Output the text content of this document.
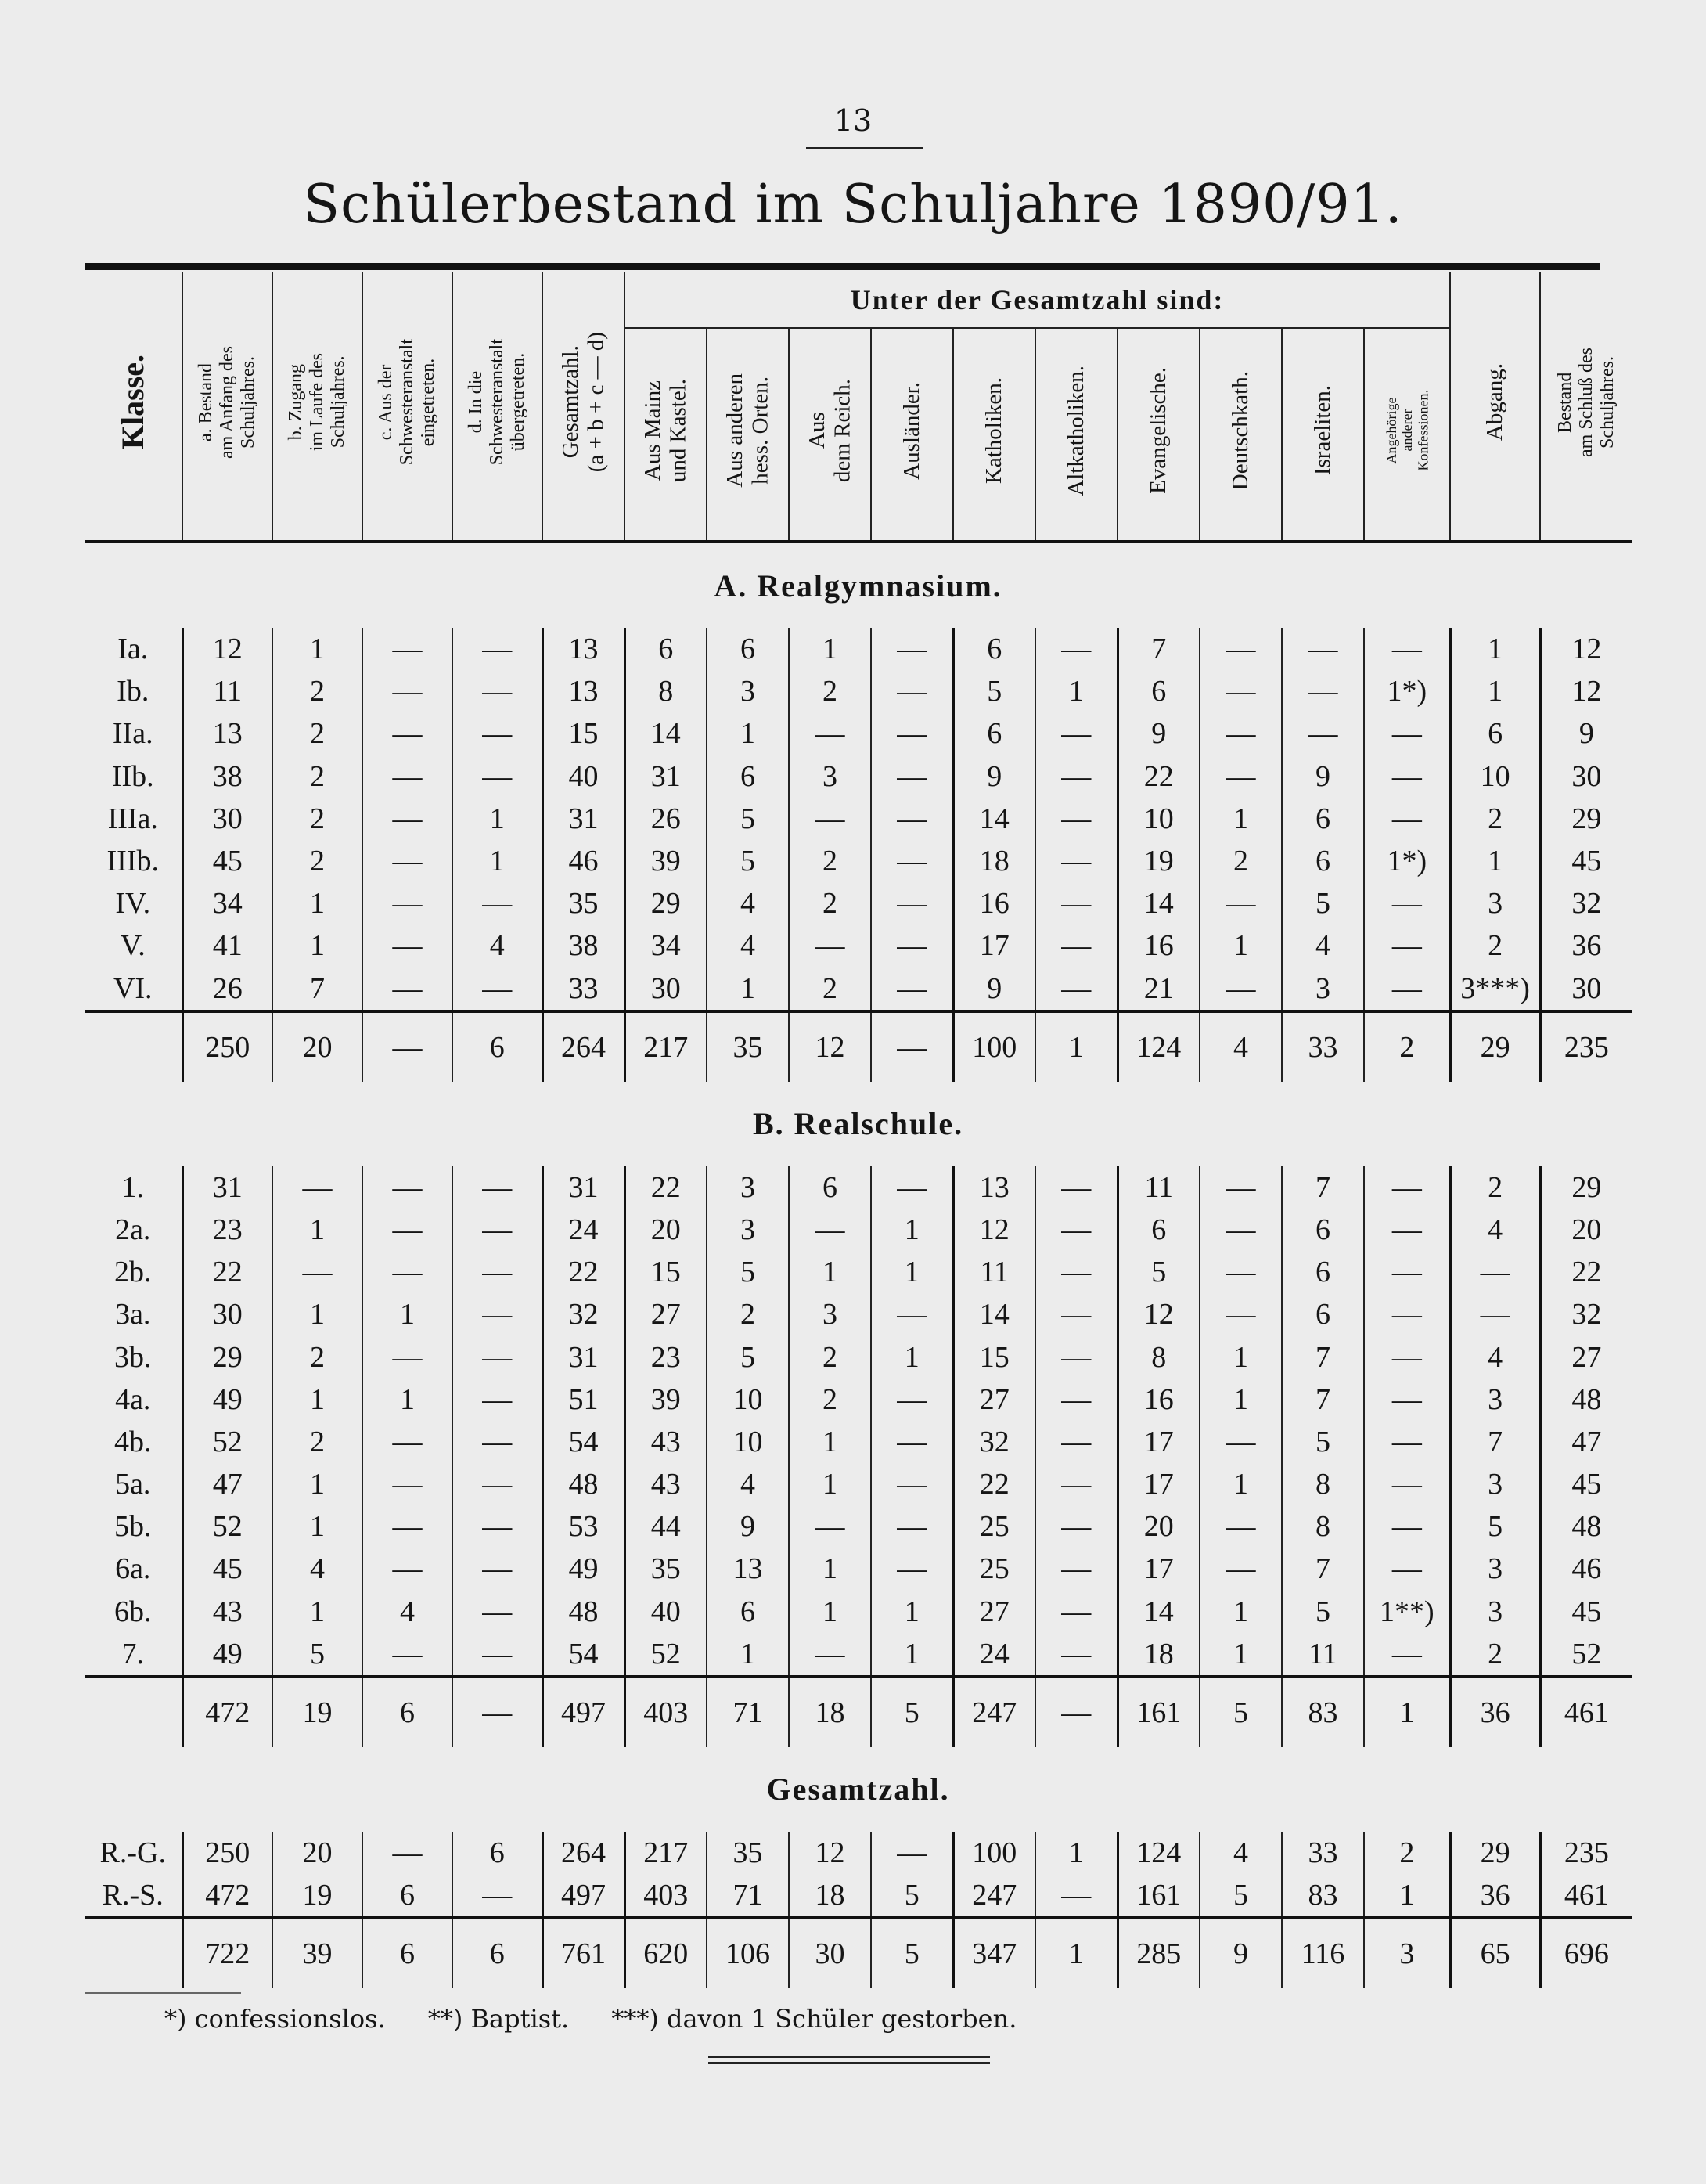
13
Schülerbestand im Schuljahre 1890/91.
Klasse.	a. Bestand
am Anfang des
Schuljahres.	b. Zugang
im Laufe des
Schuljahres.	c. Aus der
Schwesteranstalt
eingetreten.	d. In die
Schwesteranstalt
übergetreten.	Gesamtzahl.
(a + b + c — d)	Unter der Gesamtzahl sind:										Abgang.	Bestand
am Schluß des
Schuljahres.
						Aus Mainz
und Kastel.	Aus anderen
hess. Orten.	Aus
dem Reich.	Ausländer.	Katholiken.	Altkatholiken.	Evangelische.	Deutschkath.	Israeliten.	Angehörige
anderer
Konfessionen.		
A. Realgymnasium.																	
Ia.	12	1	—	—	13	6	6	1	—	6	—	7	—	—	—	1	12
Ib.	11	2	—	—	13	8	3	2	—	5	1	6	—	—	1*)	1	12
IIa.	13	2	—	—	15	14	1	—	—	6	—	9	—	—	—	6	9
IIb.	38	2	—	—	40	31	6	3	—	9	—	22	—	9	—	10	30
IIIa.	30	2	—	1	31	26	5	—	—	14	—	10	1	6	—	2	29
IIIb.	45	2	—	1	46	39	5	2	—	18	—	19	2	6	1*)	1	45
IV.	34	1	—	—	35	29	4	2	—	16	—	14	—	5	—	3	32
V.	41	1	—	4	38	34	4	—	—	17	—	16	1	4	—	2	36
VI.	26	7	—	—	33	30	1	2	—	9	—	21	—	3	—	3***)	30
	250	20	—	6	264	217	35	12	—	100	1	124	4	33	2	29	235
B. Realschule.																	
1.	31	—	—	—	31	22	3	6	—	13	—	11	—	7	—	2	29
2a.	23	1	—	—	24	20	3	—	1	12	—	6	—	6	—	4	20
2b.	22	—	—	—	22	15	5	1	1	11	—	5	—	6	—	—	22
3a.	30	1	1	—	32	27	2	3	—	14	—	12	—	6	—	—	32
3b.	29	2	—	—	31	23	5	2	1	15	—	8	1	7	—	4	27
4a.	49	1	1	—	51	39	10	2	—	27	—	16	1	7	—	3	48
4b.	52	2	—	—	54	43	10	1	—	32	—	17	—	5	—	7	47
5a.	47	1	—	—	48	43	4	1	—	22	—	17	1	8	—	3	45
5b.	52	1	—	—	53	44	9	—	—	25	—	20	—	8	—	5	48
6a.	45	4	—	—	49	35	13	1	—	25	—	17	—	7	—	3	46
6b.	43	1	4	—	48	40	6	1	1	27	—	14	1	5	1**)	3	45
7.	49	5	—	—	54	52	1	—	1	24	—	18	1	11	—	2	52
	472	19	6	—	497	403	71	18	5	247	—	161	5	83	1	36	461
Gesamtzahl.																	
R.-G.	250	20	—	6	264	217	35	12	—	100	1	124	4	33	2	29	235
R.-S.	472	19	6	—	497	403	71	18	5	247	—	161	5	83	1	36	461
	722	39	6	6	761	620	106	30	5	347	1	285	9	116	3	65	696
*) confessionslos. **) Baptist. ***) davon 1 Schüler gestorben.
